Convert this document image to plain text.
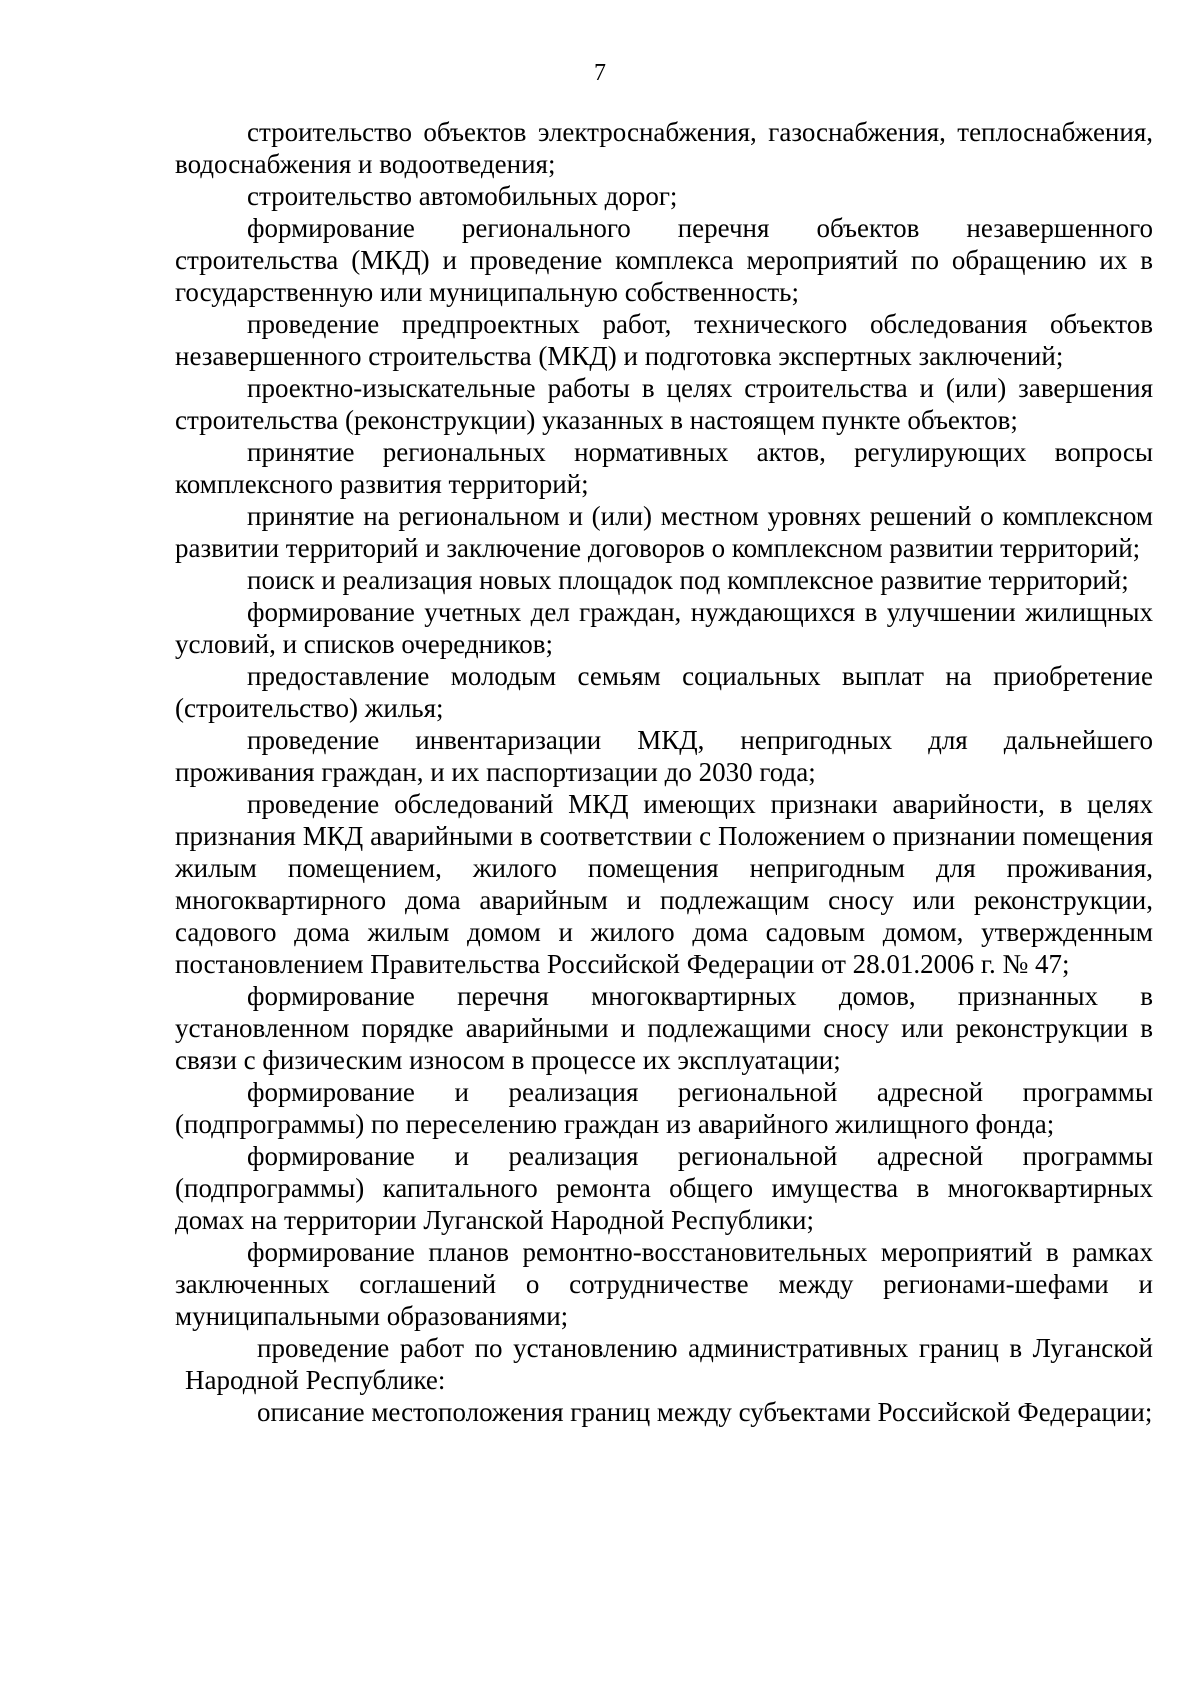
7

строительство объектов электроснабжения, газоснабжения, теплоснабжения, водоснабжения и водоотведения;

строительство автомобильных дорог;

формирование регионального перечня объектов незавершенного строительства (МКД) и проведение комплекса мероприятий по обращению их в государственную или муниципальную собственность;

проведение предпроектных работ, технического обследования объектов незавершенного строительства (МКД) и подготовка экспертных заключений;

проектно-изыскательные работы в целях строительства и (или) завершения строительства (реконструкции) указанных в настоящем пункте объектов;

принятие региональных нормативных актов, регулирующих вопросы комплексного развития территорий;

принятие на региональном и (или) местном уровнях решений о комплексном развитии территорий и заключение договоров о комплексном развитии территорий;

поиск и реализация новых площадок под комплексное развитие территорий;

формирование учетных дел граждан, нуждающихся в улучшении жилищных условий, и списков очередников;

предоставление молодым семьям социальных выплат на приобретение (строительство) жилья;

проведение инвентаризации МКД, непригодных для дальнейшего проживания граждан, и их паспортизации до 2030 года;

проведение обследований МКД имеющих признаки аварийности, в целях признания МКД аварийными в соответствии с Положением о признании помещения жилым помещением, жилого помещения непригодным для проживания, многоквартирного дома аварийным и подлежащим сносу или реконструкции, садового дома жилым домом и жилого дома садовым домом, утвержденным постановлением Правительства Российской Федерации от 28.01.2006 г. № 47;

формирование перечня многоквартирных домов, признанных в установленном порядке аварийными и подлежащими сносу или реконструкции в связи с физическим износом в процессе их эксплуатации;

формирование и реализация региональной адресной программы (подпрограммы) по переселению граждан из аварийного жилищного фонда;

формирование и реализация региональной адресной программы (подпрограммы) капитального ремонта общего имущества в многоквартирных домах на территории Луганской Народной Республики;

формирование планов ремонтно-восстановительных мероприятий в рамках заключенных соглашений о сотрудничестве между регионами-шефами и муниципальными образованиями;

проведение работ по установлению административных границ в Луганской Народной Республике:

описание местоположения границ между субъектами Российской Федерации;
